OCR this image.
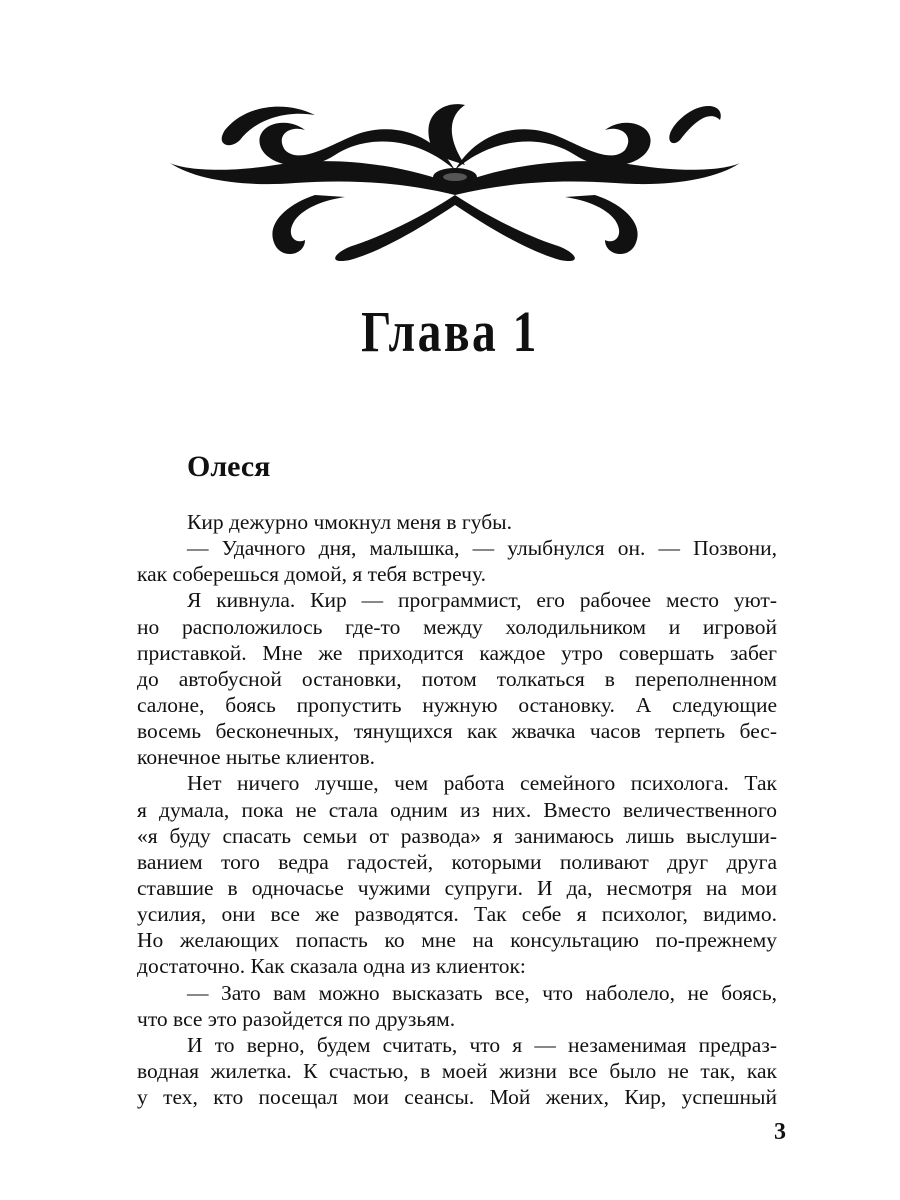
Глава 1
Олеся
Кир дежурно чмокнул меня в губы.
— Удачного дня, малышка, — улыбнулся он. — Позвони,
как соберешься домой, я тебя встречу.
Я кивнула. Кир — программист, его рабочее место уют-
но расположилось где-то между холодильником и игровой
приставкой. Мне же приходится каждое утро совершать забег
до автобусной остановки, потом толкаться в переполненном
салоне, боясь пропустить нужную остановку. А следующие
восемь бесконечных, тянущихся как жвачка часов терпеть бес-
конечное нытье клиентов.
Нет ничего лучше, чем работа семейного психолога. Так
я думала, пока не стала одним из них. Вместо величественного
«я буду спасать семьи от развода» я занимаюсь лишь выслуши-
ванием того ведра гадостей, которыми поливают друг друга
ставшие в одночасье чужими супруги. И да, несмотря на мои
усилия, они все же разводятся. Так себе я психолог, видимо.
Но желающих попасть ко мне на консультацию по-прежнему
достаточно. Как сказала одна из клиенток:
— Зато вам можно высказать все, что наболело, не боясь,
что все это разойдется по друзьям.
И то верно, будем считать, что я — незаменимая предраз-
водная жилетка. К счастью, в моей жизни все было не так, как
у тех, кто посещал мои сеансы. Мой жених, Кир, успешный
3
